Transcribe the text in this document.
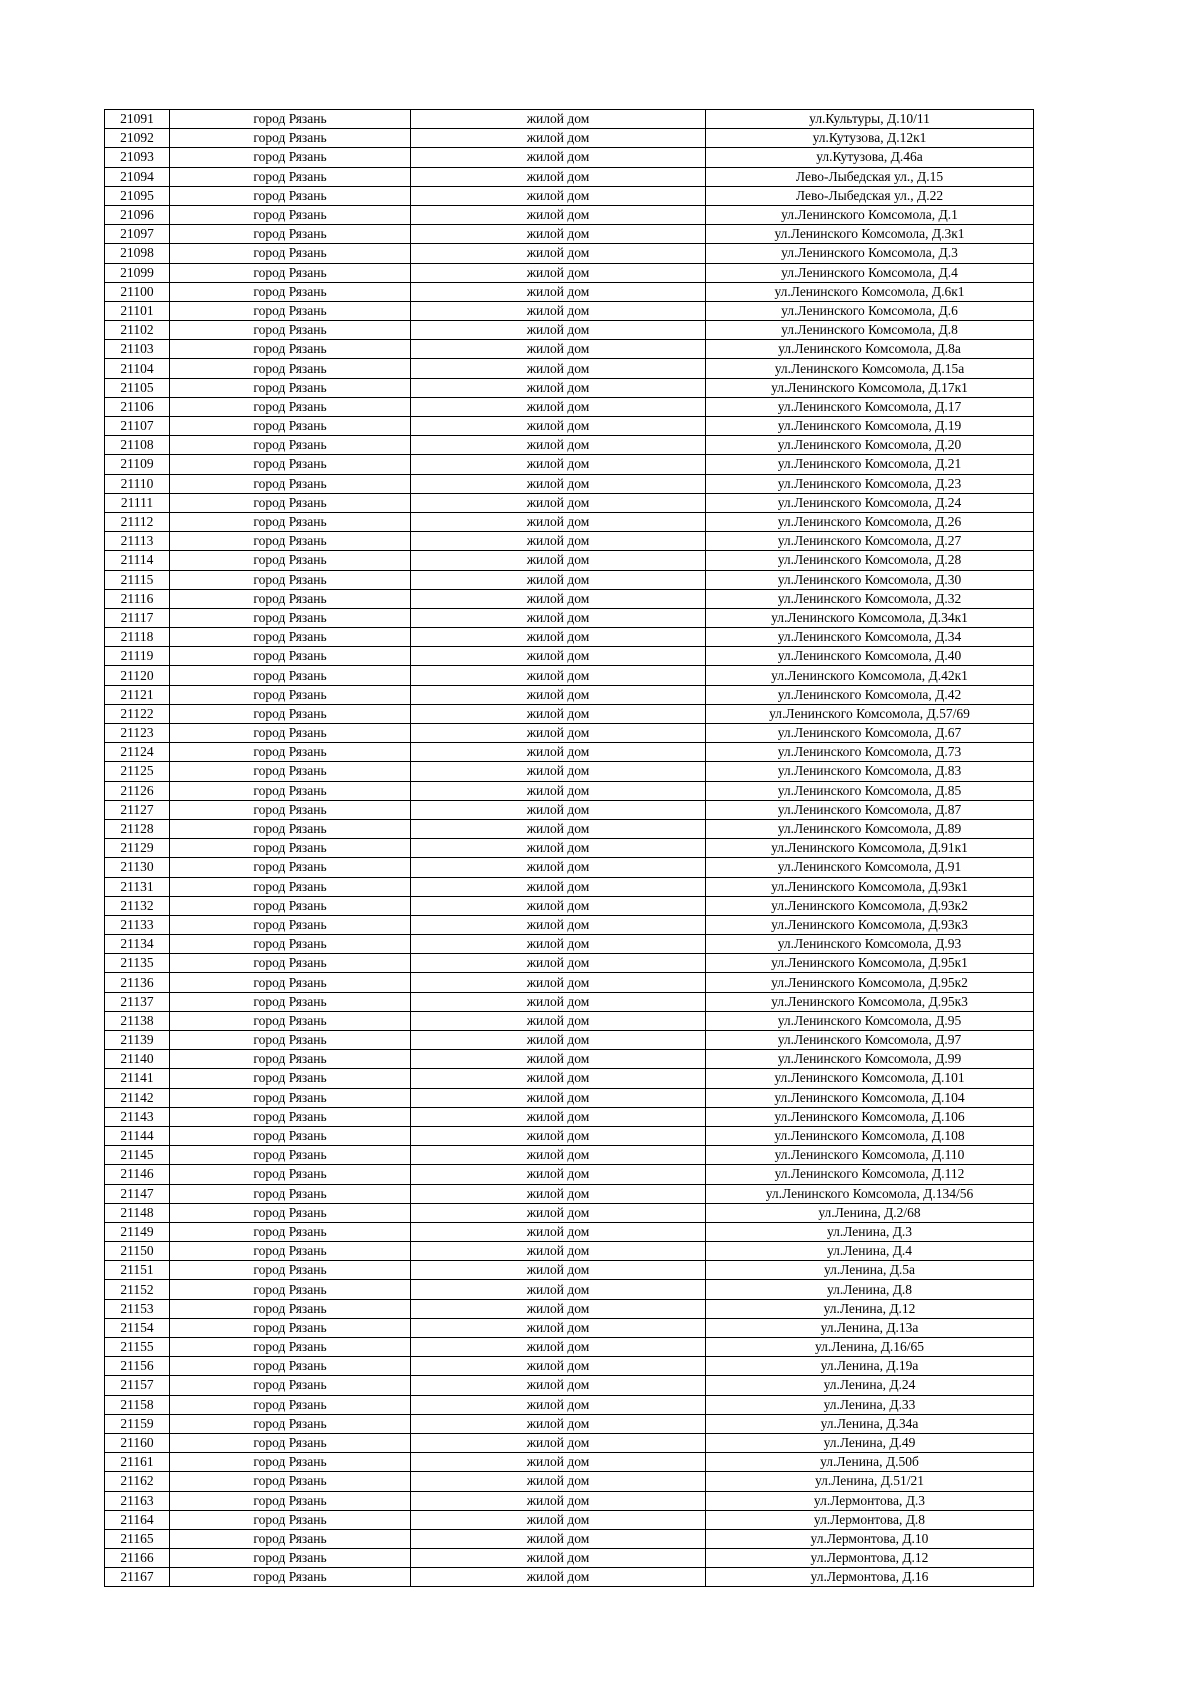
21091	город Рязань	жилой дом	ул.Культуры, Д.10/11
21092	город Рязань	жилой дом	ул.Кутузова, Д.12к1
21093	город Рязань	жилой дом	ул.Кутузова, Д.46а
21094	город Рязань	жилой дом	Лево-Лыбедская ул., Д.15
21095	город Рязань	жилой дом	Лево-Лыбедская ул., Д.22
21096	город Рязань	жилой дом	ул.Ленинского Комсомола, Д.1
21097	город Рязань	жилой дом	ул.Ленинского Комсомола, Д.3к1
21098	город Рязань	жилой дом	ул.Ленинского Комсомола, Д.3
21099	город Рязань	жилой дом	ул.Ленинского Комсомола, Д.4
21100	город Рязань	жилой дом	ул.Ленинского Комсомола, Д.6к1
21101	город Рязань	жилой дом	ул.Ленинского Комсомола, Д.6
21102	город Рязань	жилой дом	ул.Ленинского Комсомола, Д.8
21103	город Рязань	жилой дом	ул.Ленинского Комсомола, Д.8а
21104	город Рязань	жилой дом	ул.Ленинского Комсомола, Д.15а
21105	город Рязань	жилой дом	ул.Ленинского Комсомола, Д.17к1
21106	город Рязань	жилой дом	ул.Ленинского Комсомола, Д.17
21107	город Рязань	жилой дом	ул.Ленинского Комсомола, Д.19
21108	город Рязань	жилой дом	ул.Ленинского Комсомола, Д.20
21109	город Рязань	жилой дом	ул.Ленинского Комсомола, Д.21
21110	город Рязань	жилой дом	ул.Ленинского Комсомола, Д.23
21111	город Рязань	жилой дом	ул.Ленинского Комсомола, Д.24
21112	город Рязань	жилой дом	ул.Ленинского Комсомола, Д.26
21113	город Рязань	жилой дом	ул.Ленинского Комсомола, Д.27
21114	город Рязань	жилой дом	ул.Ленинского Комсомола, Д.28
21115	город Рязань	жилой дом	ул.Ленинского Комсомола, Д.30
21116	город Рязань	жилой дом	ул.Ленинского Комсомола, Д.32
21117	город Рязань	жилой дом	ул.Ленинского Комсомола, Д.34к1
21118	город Рязань	жилой дом	ул.Ленинского Комсомола, Д.34
21119	город Рязань	жилой дом	ул.Ленинского Комсомола, Д.40
21120	город Рязань	жилой дом	ул.Ленинского Комсомола, Д.42к1
21121	город Рязань	жилой дом	ул.Ленинского Комсомола, Д.42
21122	город Рязань	жилой дом	ул.Ленинского Комсомола, Д.57/69
21123	город Рязань	жилой дом	ул.Ленинского Комсомола, Д.67
21124	город Рязань	жилой дом	ул.Ленинского Комсомола, Д.73
21125	город Рязань	жилой дом	ул.Ленинского Комсомола, Д.83
21126	город Рязань	жилой дом	ул.Ленинского Комсомола, Д.85
21127	город Рязань	жилой дом	ул.Ленинского Комсомола, Д.87
21128	город Рязань	жилой дом	ул.Ленинского Комсомола, Д.89
21129	город Рязань	жилой дом	ул.Ленинского Комсомола, Д.91к1
21130	город Рязань	жилой дом	ул.Ленинского Комсомола, Д.91
21131	город Рязань	жилой дом	ул.Ленинского Комсомола, Д.93к1
21132	город Рязань	жилой дом	ул.Ленинского Комсомола, Д.93к2
21133	город Рязань	жилой дом	ул.Ленинского Комсомола, Д.93к3
21134	город Рязань	жилой дом	ул.Ленинского Комсомола, Д.93
21135	город Рязань	жилой дом	ул.Ленинского Комсомола, Д.95к1
21136	город Рязань	жилой дом	ул.Ленинского Комсомола, Д.95к2
21137	город Рязань	жилой дом	ул.Ленинского Комсомола, Д.95к3
21138	город Рязань	жилой дом	ул.Ленинского Комсомола, Д.95
21139	город Рязань	жилой дом	ул.Ленинского Комсомола, Д.97
21140	город Рязань	жилой дом	ул.Ленинского Комсомола, Д.99
21141	город Рязань	жилой дом	ул.Ленинского Комсомола, Д.101
21142	город Рязань	жилой дом	ул.Ленинского Комсомола, Д.104
21143	город Рязань	жилой дом	ул.Ленинского Комсомола, Д.106
21144	город Рязань	жилой дом	ул.Ленинского Комсомола, Д.108
21145	город Рязань	жилой дом	ул.Ленинского Комсомола, Д.110
21146	город Рязань	жилой дом	ул.Ленинского Комсомола, Д.112
21147	город Рязань	жилой дом	ул.Ленинского Комсомола, Д.134/56
21148	город Рязань	жилой дом	ул.Ленина, Д.2/68
21149	город Рязань	жилой дом	ул.Ленина, Д.3
21150	город Рязань	жилой дом	ул.Ленина, Д.4
21151	город Рязань	жилой дом	ул.Ленина, Д.5а
21152	город Рязань	жилой дом	ул.Ленина, Д.8
21153	город Рязань	жилой дом	ул.Ленина, Д.12
21154	город Рязань	жилой дом	ул.Ленина, Д.13а
21155	город Рязань	жилой дом	ул.Ленина, Д.16/65
21156	город Рязань	жилой дом	ул.Ленина, Д.19а
21157	город Рязань	жилой дом	ул.Ленина, Д.24
21158	город Рязань	жилой дом	ул.Ленина, Д.33
21159	город Рязань	жилой дом	ул.Ленина, Д.34а
21160	город Рязань	жилой дом	ул.Ленина, Д.49
21161	город Рязань	жилой дом	ул.Ленина, Д.50б
21162	город Рязань	жилой дом	ул.Ленина, Д.51/21
21163	город Рязань	жилой дом	ул.Лермонтова, Д.3
21164	город Рязань	жилой дом	ул.Лермонтова, Д.8
21165	город Рязань	жилой дом	ул.Лермонтова, Д.10
21166	город Рязань	жилой дом	ул.Лермонтова, Д.12
21167	город Рязань	жилой дом	ул.Лермонтова, Д.16
